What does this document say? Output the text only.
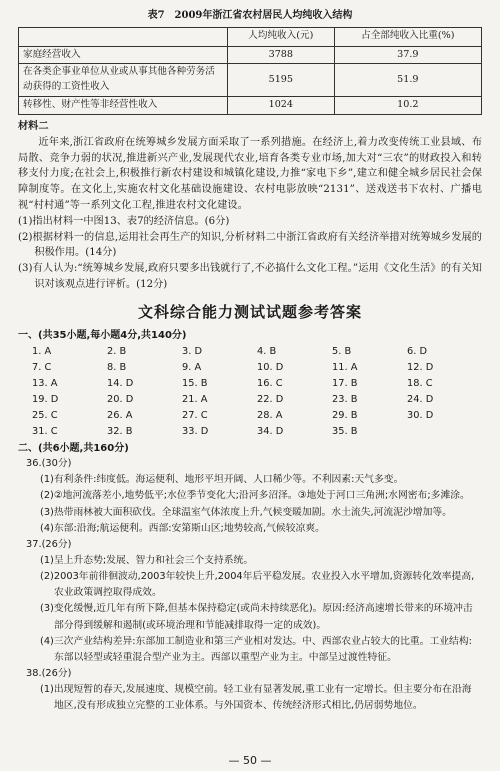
表7　2009年浙江省农村居民人均纯收入结构
	人均纯收入(元)	占全部纯收入比重(%)
家庭经营收入	3788	37.9
在各类企事业单位从业或从事其他各种劳务活动获得的工资性收入	5195	51.9
转移性、财产性等非经营性收入	1024	10.2
材料二
近年来,浙江省政府在统筹城乡发展方面采取了一系列措施。在经济上,着力改变传统工业县域、布局散、竞争力弱的状况,推进新兴产业,发展现代农业,培育各类专业市场,加大对“三农”的财政投入和转移支付力度;在社会上,积极推行新农村建设和城镇化建设,力推“家电下乡”,建立和健全城乡居民社会保障制度等。在文化上,实施农村文化基础设施建设、农村电影放映“2131”、送戏送书下农村、广播电视“村村通”等一系列文化工程,推进农村文化建设。
(1)指出材料一中图13、表7的经济信息。(6分)
(2)根据材料一的信息,运用社会再生产的知识,分析材料二中浙江省政府有关经济举措对统筹城乡发展的积极作用。(14分)
(3)有人认为:“统筹城乡发展,政府只要多出钱就行了,不必搞什么文化工程。”运用《文化生活》的有关知识对该观点进行评析。(12分)
文科综合能力测试试题参考答案
一、(共35小题,每小题4分,共140分)
1. A	2. B	3. D	4. B	5. B	6. D
7. C	8. B	9. A	10. D	11. A	12. D
13. A	14. D	15. B	16. C	17. B	18. C
19. D	20. D	21. A	22. D	23. B	24. D
25. C	26. A	27. C	28. A	29. B	30. D
31. C	32. B	33. D	34. D	35. B
二、(共6小题,共160分)
36.(30分)
(1)有利条件:纬度低。海运便利、地形平坦开阔、人口稀少等。不利因素:天气多变。
(2)②地河流落差小,地势低平;水位季节变化大;沿河多沼泽。③地处于河口三角洲;水网密布;多滩涂。
(3)热带雨林被大面积砍伐。全球温室气体浓度上升,气候变暖加剧。水土流失,河流泥沙增加等。
(4)东部:沿海;航运便利。西部:安第斯山区;地势较高,气候较凉爽。
37.(26分)
(1)呈上升态势;发展、智力和社会三个支持系统。
(2)2003年前徘徊波动,2003年较快上升,2004年后平稳发展。农业投入水平增加,资源转化效率提高,农业政策调控取得成效。
(3)变化缓慢,近几年有所下降,但基本保持稳定(或尚未持续恶化)。原因:经济高速增长带来的环境冲击部分得到缓解和遏制(或环境治理和节能减排取得一定的成效)。
(4)三次产业结构差异:东部加工制造业和第三产业相对发达。中、西部农业占较大的比重。工业结构:东部以轻型或轻重混合型产业为主。西部以重型产业为主。中部呈过渡性特征。
38.(26分)
(1)出现短暂的春天,发展速度、规模空前。轻工业有显著发展,重工业有一定增长。但主要分布在沿海地区,没有形成独立完整的工业体系。与外国资本、传统经济形式相比,仍居弱势地位。
— 50 —
